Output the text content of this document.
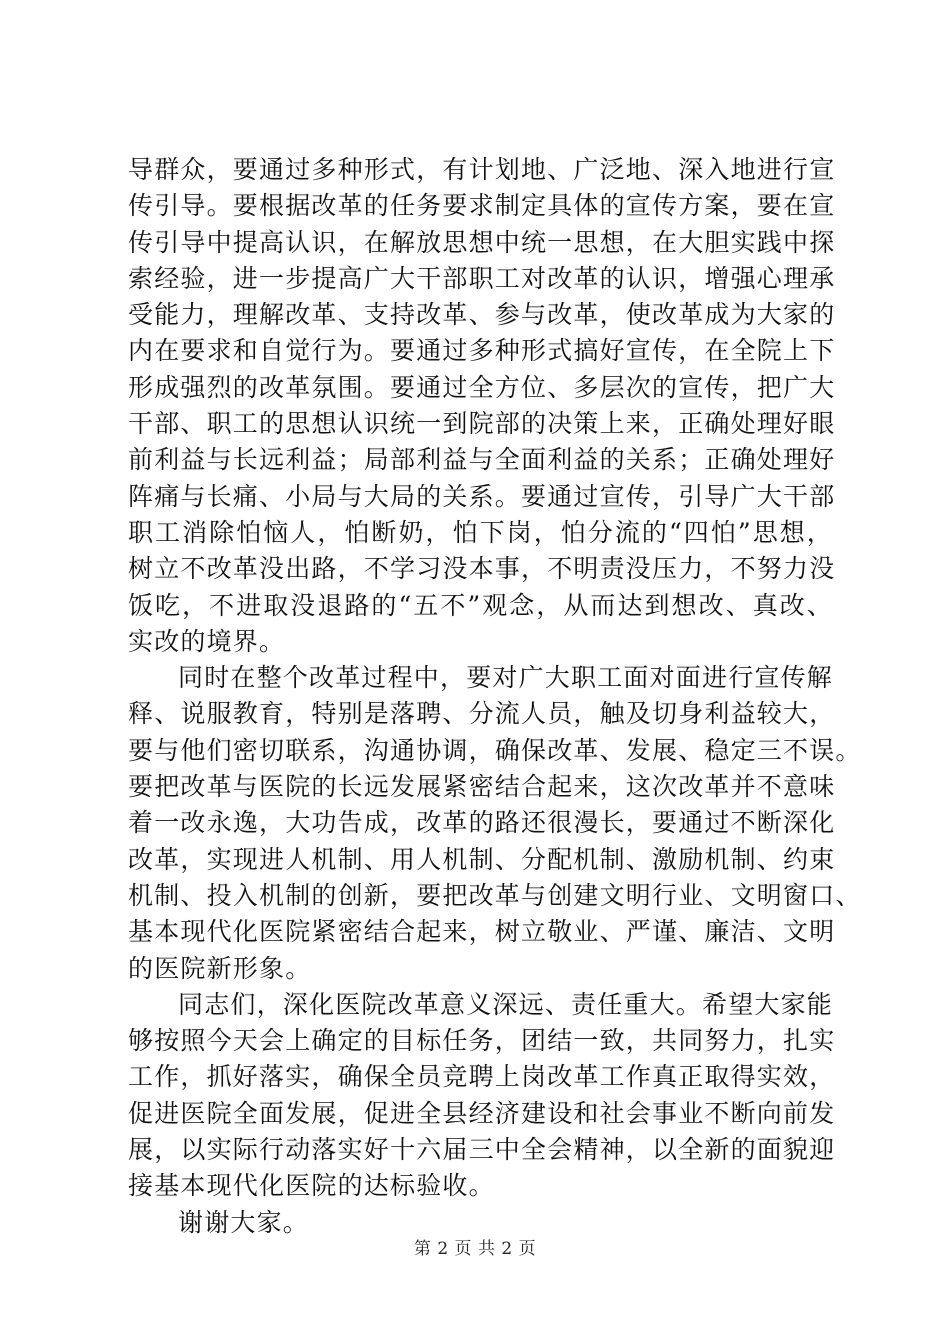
导群众，要通过多种形式，有计划地、广泛地、深入地进行宣
传引导。要根据改革的任务要求制定具体的宣传方案，要在宣
传引导中提高认识，在解放思想中统一思想，在大胆实践中探
索经验，进一步提高广大干部职工对改革的认识，增强心理承
受能力，理解改革、支持改革、参与改革，使改革成为大家的
内在要求和自觉行为。要通过多种形式搞好宣传，在全院上下
形成强烈的改革氛围。要通过全方位、多层次的宣传，把广大
干部、职工的思想认识统一到院部的决策上来，正确处理好眼
前利益与长远利益；局部利益与全面利益的关系；正确处理好
阵痛与长痛、小局与大局的关系。要通过宣传，引导广大干部
职工消除怕恼人，怕断奶，怕下岗，怕分流的“四怕”思想，
树立不改革没出路，不学习没本事，不明责没压力，不努力没
饭吃，不进取没退路的“五不”观念，从而达到想改、真改、
实改的境界。
同时在整个改革过程中，要对广大职工面对面进行宣传解
释、说服教育，特别是落聘、分流人员，触及切身利益较大，
要与他们密切联系，沟通协调，确保改革、发展、稳定三不误。
要把改革与医院的长远发展紧密结合起来，这次改革并不意味
着一改永逸，大功告成，改革的路还很漫长，要通过不断深化
改革，实现进人机制、用人机制、分配机制、激励机制、约束
机制、投入机制的创新，要把改革与创建文明行业、文明窗口、
基本现代化医院紧密结合起来，树立敬业、严谨、廉洁、文明
的医院新形象。
同志们，深化医院改革意义深远、责任重大。希望大家能
够按照今天会上确定的目标任务，团结一致，共同努力，扎实
工作，抓好落实，确保全员竞聘上岗改革工作真正取得实效，
促进医院全面发展，促进全县经济建设和社会事业不断向前发
展，以实际行动落实好十六届三中全会精神，以全新的面貌迎
接基本现代化医院的达标验收。
谢谢大家。
第 2 页 共 2 页
